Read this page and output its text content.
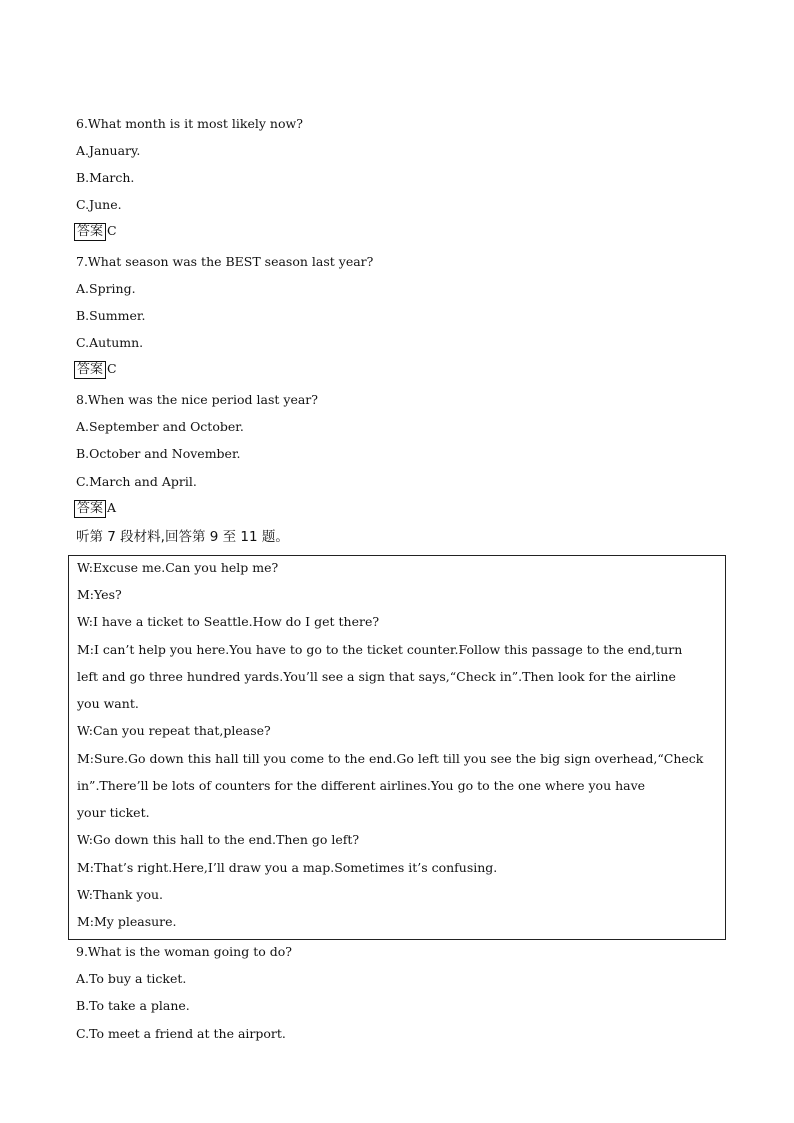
6.What month is it most likely now?
A.January.
B.March.
C.June.
答案 C
7.What season was the BEST season last year?
A.Spring.
B.Summer.
C.Autumn.
答案 C
8.When was the nice period last year?
A.September and October.
B.October and November.
C.March and April.
答案 A
听第 7 段材料,回答第 9 至 11 题。
W:Excuse me.Can you help me?
M:Yes?
W:I have a ticket to Seattle.How do I get there?
M:I can’t help you here.You have to go to the ticket counter.Follow this passage to the end,turn
left and go three hundred yards.You’ll see a sign that says,“Check in”.Then look for the airline
you want.
W:Can you repeat that,please?
M:Sure.Go down this hall till you come to the end.Go left till you see the big sign overhead,“Check
in”.There’ll be lots of counters for the different airlines.You go to the one where you have
your ticket.
W:Go down this hall to the end.Then go left?
M:That’s right.Here,I’ll draw you a map.Sometimes it’s confusing.
W:Thank you.
M:My pleasure.
9.What is the woman going to do?
A.To buy a ticket.
B.To take a plane.
C.To meet a friend at the airport.
